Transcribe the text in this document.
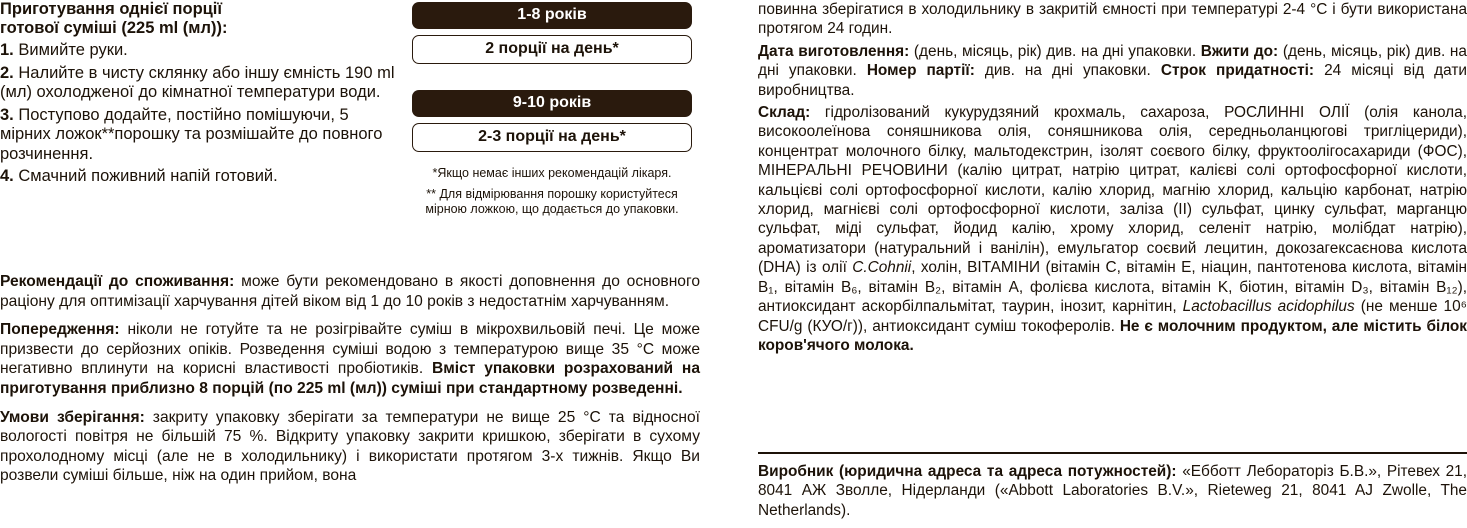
Приготування однієї порції
готової суміші (225 ml (мл)):
1. Вимийте руки.
2. Налийте в чисту склянку або іншу ємність 190 ml (мл) охолодженої до кімнатної температури води.
3. Поступово додайте, постійно помішуючи, 5 мірних ложок**порошку та розмішайте до повного розчинення.
4. Смачний поживний напій готовий.
1-8 років
2 порції на день*
9-10 років
2-3 порції на день*
*Якщо немає інших рекомендацій лікаря.
** Для відмірювання порошку користуйтеся мірною ложкою, що додається до упаковки.

Рекомендації до споживання: може бути рекомендовано в якості доповнення до основного раціону для оптимізації харчування дітей віком від 1 до 10 років з недостатнім харчуванням.

Попередження: ніколи не готуйте та не розігрівайте суміш в мікрохвильовій печі. Це може призвести до серйозних опіків. Розведення суміші водою з температурою вище 35 °C може негативно вплинути на корисні властивості пробіотиків. Вміст упаковки розрахований на приготування приблизно 8 порцій (по 225 ml (мл)) суміші при стандартному розведенні.

Умови зберігання: закриту упаковку зберігати за температури не вище 25 °C та відносної вологості повітря не більшій 75 %. Відкриту упаковку закрити кришкою, зберігати в сухому прохолодному місці (але не в холодильнику) і використати протягом 3-х тижнів. Якщо Ви розвели суміші більше, ніж на один прийом, вона

повинна зберігатися в холодильнику в закритій ємності при температурі 2-4 °C і бути використана протягом 24 годин.

Дата виготовлення: (день, місяць, рік) див. на дні упаковки. Вжити до: (день, місяць, рік) див. на дні упаковки. Номер партії: див. на дні упаковки. Строк придатності: 24 місяці від дати виробництва.

Склад: гідролізований кукурудзяний крохмаль, сахароза, РОСЛИННІ ОЛІЇ (олія канола, високоолеїнова соняшникова олія, соняшникова олія, середньоланцюгові тригліцериди), концентрат молочного білку, мальтодекстрин, ізолят соєвого білку, фруктоолігосахариди (ФОС), МІНЕРАЛЬНІ РЕЧОВИНИ (калію цитрат, натрію цитрат, калієві солі ортофосфорної кислоти, кальцієві солі ортофосфорної кислоти, калію хлорид, магнію хлорид, кальцію карбонат, натрію хлорид, магнієві солі ортофосфорної кислоти, заліза (II) сульфат, цинку сульфат, марганцю сульфат, міді сульфат, йодид калію, хрому хлорид, селеніт натрію, молібдат натрію), ароматизатори (натуральний і ванілін), емульгатор соєвий лецитин, докозагексаєнова кислота (DHA) із олії C.Cohnii, холін, ВІТАМІНИ (вітамін С, вітамін Е, ніацин, пантотенова кислота, вітамін B₁, вітамін B₆, вітамін B₂, вітамін А, фолієва кислота, вітамін K, біотин, вітамін D₃, вітамін B₁₂), антиоксидант аскорбілпальмітат, таурин, інозит, карнітин, Lactobacillus acidophilus (не менше 10⁶ CFU/g (КУО/г)), антиоксидант суміш токоферолів. Не є молочним продуктом, але містить білок коров'ячого молока.

Виробник (юридична адреса та адреса потужностей): «Ебботт Лебораторіз Б.В.», Рітевех 21, 8041 АЖ Зволле, Нідерланди («Abbott Laboratories B.V.», Rieteweg 21, 8041 AJ Zwolle, The Netherlands).
